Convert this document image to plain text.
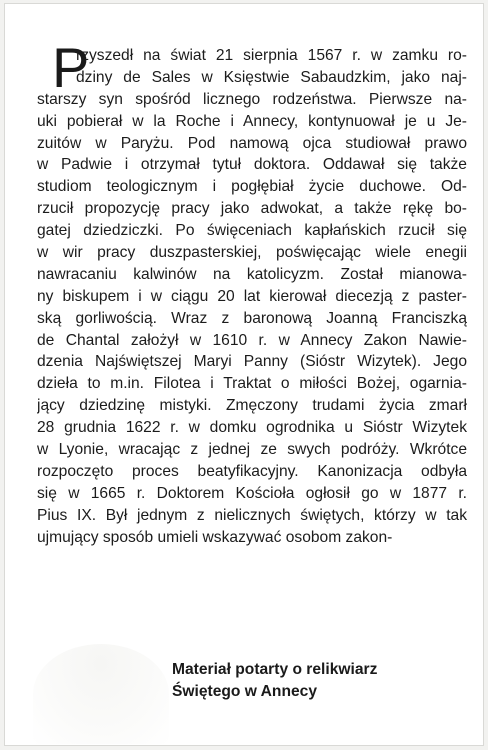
P
rzyszedł na świat 21 sierpnia 1567 r. w zamku ro-
dziny de Sales w Księstwie Sabaudzkim, jako naj-
starszy syn spośród licznego rodzeństwa. Pierwsze na-
uki pobierał w la Roche i Annecy, kontynuował je u Je-
zuitów w Paryżu. Pod namową ojca studiował prawo
w Padwie i otrzymał tytuł doktora. Oddawał się także
studiom teologicznym i pogłębiał życie duchowe. Od-
rzucił propozycję pracy jako adwokat, a także rękę bo-
gatej dziedziczki. Po święceniach kapłańskich rzucił się
w wir pracy duszpasterskiej, poświęcając wiele enegii
nawracaniu kalwinów na katolicyzm. Został mianowa-
ny biskupem i w ciągu 20 lat kierował diecezją z paster-
ską gorliwością. Wraz z baronową Joanną Franciszką
de Chantal założył w 1610 r. w Annecy Zakon Nawie-
dzenia Najświętszej Maryi Panny (Sióstr Wizytek). Jego
dzieła to m.in. Filotea i Traktat o miłości Bożej, ogarnia-
jący dziedzinę mistyki. Zmęczony trudami życia zmarł
28 grudnia 1622 r. w domku ogrodnika u Sióstr Wizytek
w Lyonie, wracając z jednej ze swych podróży. Wkrótce
rozpoczęto proces beatyfikacyjny. Kanonizacja odbyła
się w 1665 r. Doktorem Kościoła ogłosił go w 1877 r.
Pius IX. Był jednym z nielicznych świętych, którzy w tak
ujmujący sposób umieli wskazywać osobom zakon-
Materiał potarty o relikwiarz
Świętego w Annecy
